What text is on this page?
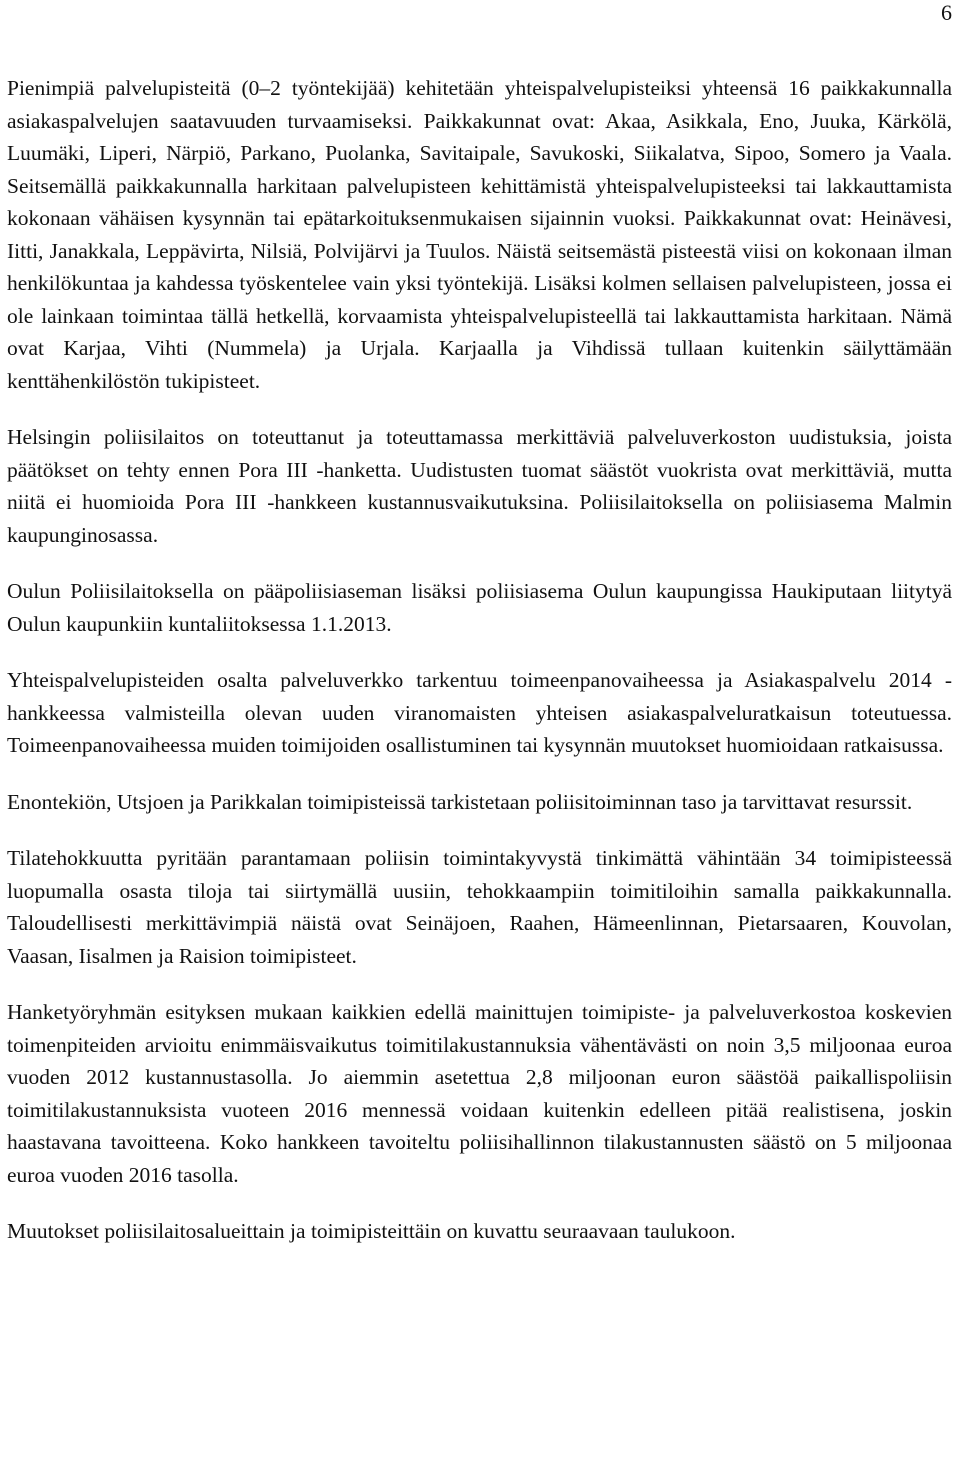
6

Pienimpiä palvelupisteitä (0–2 työntekijää) kehitetään yhteispalvelupisteiksi yhteensä 16 paikkakunnalla asiakaspalvelujen saatavuuden turvaamiseksi. Paikkakunnat ovat: Akaa, Asikkala, Eno, Juuka, Kärkölä, Luumäki, Liperi, Närpiö, Parkano, Puolanka, Savitaipale, Savukoski, Siikalatva, Sipoo, Somero ja Vaala. Seitsemällä paikkakunnalla harkitaan palvelupisteen kehittämistä yhteispalvelupisteeksi tai lakkauttamista kokonaan vähäisen kysynnän tai epätarkoituksenmukaisen sijainnin vuoksi. Paikkakunnat ovat: Heinävesi, Iitti, Janakkala, Leppävirta, Nilsiä, Polvijärvi ja Tuulos. Näistä seitsemästä pisteestä viisi on kokonaan ilman henkilökuntaa ja kahdessa työskentelee vain yksi työntekijä. Lisäksi kolmen sellaisen palvelupisteen, jossa ei ole lainkaan toimintaa tällä hetkellä, korvaamista yhteispalvelupisteellä tai lakkauttamista harkitaan. Nämä ovat Karjaa, Vihti (Nummela) ja Urjala. Karjaalla ja Vihdissä tullaan kuitenkin säilyttämään kenttähenkilöstön tukipisteet.

Helsingin poliisilaitos on toteuttanut ja toteuttamassa merkittäviä palveluverkoston uudistuksia, joista päätökset on tehty ennen Pora III -hanketta. Uudistusten tuomat säästöt vuokrista ovat merkittäviä, mutta niitä ei huomioida Pora III -hankkeen kustannusvaikutuksina. Poliisilaitoksella on poliisiasema Malmin kaupunginosassa.

Oulun Poliisilaitoksella on pääpoliisiaseman lisäksi poliisiasema Oulun kaupungissa Haukiputaan liitytyä Oulun kaupunkiin kuntaliitoksessa 1.1.2013.

Yhteispalvelupisteiden osalta palveluverkko tarkentuu toimeenpanovaiheessa ja Asiakaspalvelu 2014 -hankkeessa valmisteilla olevan uuden viranomaisten yhteisen asiakaspalveluratkaisun toteutuessa. Toimeenpanovaiheessa muiden toimijoiden osallistuminen tai kysynnän muutokset huomioidaan ratkaisussa.

Enontekiön, Utsjoen ja Parikkalan toimipisteissä tarkistetaan poliisitoiminnan taso ja tarvittavat resurssit.

Tilatehokkuutta pyritään parantamaan poliisin toimintakyvystä tinkimättä vähintään 34 toimipisteessä luopumalla osasta tiloja tai siirtymällä uusiin, tehokkaampiin toimitiloihin samalla paikkakunnalla. Taloudellisesti merkittävimpiä näistä ovat Seinäjoen, Raahen, Hämeenlinnan, Pietarsaaren, Kouvolan, Vaasan, Iisalmen ja Raision toimipisteet.

Hanketyöryhmän esityksen mukaan kaikkien edellä mainittujen toimipiste- ja palveluverkostoa koskevien toimenpiteiden arvioitu enimmäisvaikutus toimitilakustannuksia vähentävästi on noin 3,5 miljoonaa euroa vuoden 2012 kustannustasolla. Jo aiemmin asetettua 2,8 miljoonan euron säästöä paikallispoliisin toimitilakustannuksista vuoteen 2016 mennessä voidaan kuitenkin edelleen pitää realistisena, joskin haastavana tavoitteena. Koko hankkeen tavoiteltu poliisihallinnon tilakustannusten säästö on 5 miljoonaa euroa vuoden 2016 tasolla.

Muutokset poliisilaitosalueittain ja toimipisteittäin on kuvattu seuraavaan taulukoon.
